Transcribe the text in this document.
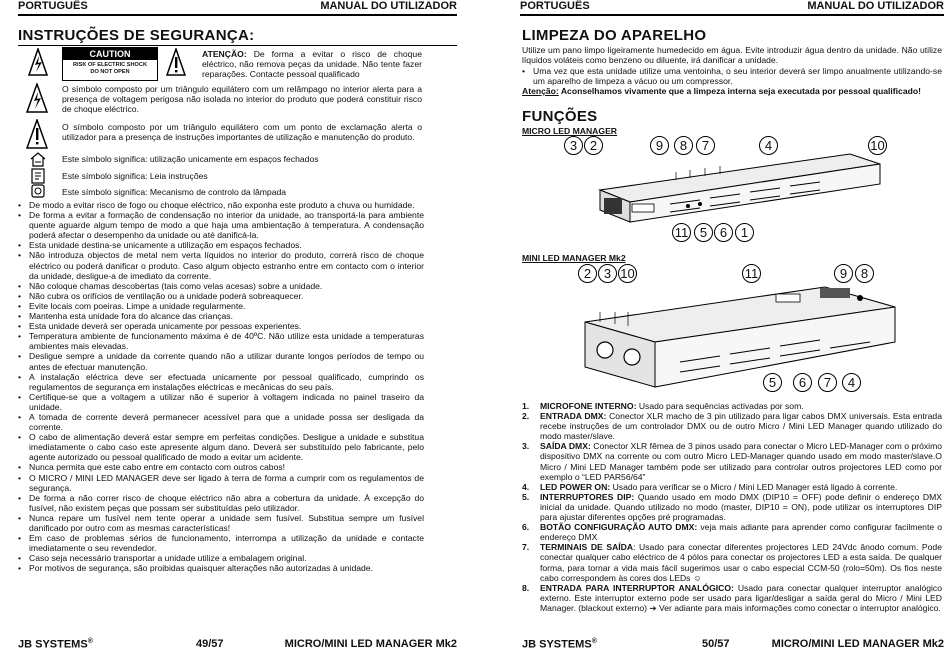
PORTUGUÊS	MANUAL DO UTILIZADOR
INSTRUÇÕES DE SEGURANÇA:
CAUTION
RISK OF ELECTRIC SHOCK
DO NOT OPEN
ATENÇÃO: De forma a evitar o risco de choque eléctrico, não remova peças da unidade. Não tente fazer reparações. Contacte pessoal qualificado
O símbolo composto por um triângulo equilátero com um relâmpago no interior alerta para a presença de voltagem perigosa não isolada no interior do produto que poderá constituir risco de choque eléctrico.
O símbolo composto por um triângulo equilátero com um ponto de exclamação alerta o utilizador para a presença de instruções importantes de utilização e manutenção do produto.
Este símbolo significa: utilização unicamente em espaços fechados
Este símbolo significa: Leia instruções
Este símbolo significa: Mecanismo de controlo da lâmpada
• De modo a evitar risco de fogo ou choque eléctrico, não exponha este produto a chuva ou humidade.
• De forma a evitar a formação de condensação no interior da unidade, ao transportá-la para ambiente quente aguarde algum tempo de modo a que haja uma ambientação à temperatura. A condensação poderá afectar o desempenho da unidade ou até danificá-la.
• Esta unidade destina-se unicamente a utilização em espaços fechados.
• Não introduza objectos de metal nem verta líquidos no interior do produto, correrá risco de choque eléctrico ou poderá danificar o produto. Caso algum objecto estranho entre em contacto com o interior da unidade, desligue-a de imediato da corrente.
• Não coloque chamas descobertas (tais como velas acesas) sobre a unidade.
• Não cubra os orifícios de ventilação ou a unidade poderá sobreaquecer.
• Evite locais com poeiras. Limpe a unidade regularmente.
• Mantenha esta unidade fora do alcance das crianças.
• Esta unidade deverá ser operada unicamente por pessoas experientes.
• Temperatura ambiente de funcionamento máxima é de 40ºC. Não utilize esta unidade a temperaturas ambientes mais elevadas.
• Desligue sempre a unidade da corrente quando não a utilizar durante longos períodos de tempo ou antes de efectuar manutenção.
• A instalação eléctrica deve ser efectuada unicamente por pessoal qualificado, cumprindo os regulamentos de segurança em instalações eléctricas e mecânicas do seu país.
• Certifique-se que a voltagem a utilizar não é superior à voltagem indicada no painel traseiro da unidade.
• A tomada de corrente deverá permanecer acessível para que a unidade possa ser desligada da corrente.
• O cabo de alimentação deverá estar sempre em perfeitas condições. Desligue a unidade e substitua imediatamente o cabo caso este apresente algum dano. Deverá ser substituído pelo fabricante, pelo agente autorizado ou pessoal qualificado de modo a evitar um acidente.
• Nunca permita que este cabo entre em contacto com outros cabos!
• O MICRO / MINI LED MANAGER deve ser ligado à terra de forma a cumprir com os regulamentos de segurança.
• De forma a não correr risco de choque eléctrico não abra a cobertura da unidade. À excepção do fusível, não existem peças que possam ser substituídas pelo utilizador.
• Nunca repare um fusível nem tente operar a unidade sem fusível. Substitua sempre um fusível danificado por outro com as mesmas características!
• Em caso de problemas sérios de funcionamento, interrompa a utilização da unidade e contacte imediatamente o seu revendedor.
• Caso seja necessário transportar a unidade utilize a embalagem original.
• Por motivos de segurança, são proibidas quaisquer alterações não autorizadas à unidade.
JB SYSTEMS®	49/57	MICRO/MINI LED MANAGER Mk2
PORTUGUÊS	MANUAL DO UTILIZADOR
LIMPEZA DO APARELHO
Utilize um pano limpo ligeiramente humedecido em água. Evite introduzir água dentro da unidade. Não utilize líquidos voláteis como benzeno ou diluente, irá danificar a unidade.
• Uma vez que esta unidade utilize uma ventoinha, o seu interior deverá ser limpo anualmente utilizando-se um aparelho de limpeza a vácuo ou um compressor.
Atenção: Aconselhamos vivamente que a limpeza interna seja executada por pessoal qualificado!
FUNÇÕES
MICRO LED MANAGER
3 2	9	8	7	4	10
11 5 6	1
MINI LED MANAGER Mk2
2 3 10	11	9	8
5	6	7	4
1. MICROFONE INTERNO: Usado para sequências activadas por som.
2. ENTRADA DMX: Conector XLR macho de 3 pin utilizado para ligar cabos DMX universais. Esta entrada recebe instruções de um controlador DMX ou de outro Micro / Mini LED Manager quando utilizado do modo master/slave.
3. SAÍDA DMX: Conector XLR fêmea de 3 pinos usado para conectar o Micro LED-Manager com o próximo dispositivo DMX na corrente ou com outro Micro LED-Manager quando usado em modo master/slave.O Micro / Mini LED Manager também pode ser utilizado para controlar outros projectores LED como por exemplo o “LED PAR56/64”
4. LED POWER ON: Usado para verificar se o Micro / Mini LED Manager está ligado à corrente.
5. INTERRUPTORES DIP: Quando usado em modo DMX (DIP10 = OFF) pode definir o endereço DMX inicial da unidade. Quando utilizado no modo (master, DIP10 = ON), pode utilizar os interruptores DIP para ajustar diferentes opções pré programadas.
6. BOTÃO CONFIGURAÇÃO AUTO DMX: veja mais adiante para aprender como configurar facilmente o endereço DMX
7. TERMINAIS DE SAÍDA: Usado para conectar diferentes projectores LED 24Vdc ânodo comum. Pode conectar qualquer cabo eléctrico de 4 pólos para conectar os projectores LED a esta saída. De qualquer forma, para tornar a vida mais fácil sugerimos usar o cabo especial CCM-50 (rolo=50m). Os fios neste cabo correspondem às cores dos LEDs ☺
8. ENTRADA PARA INTERRUPTOR ANALÓGICO: Usado para conectar qualquer interruptor analógico externo. Este interruptor externo pode ser usado para ligar/desligar a saída geral do Micro / Mini LED Manager. (blackout externo) ➔ Ver adiante para mais informações como conectar o interruptor analógico.
JB SYSTEMS®	50/57	MICRO/MINI LED MANAGER Mk2
